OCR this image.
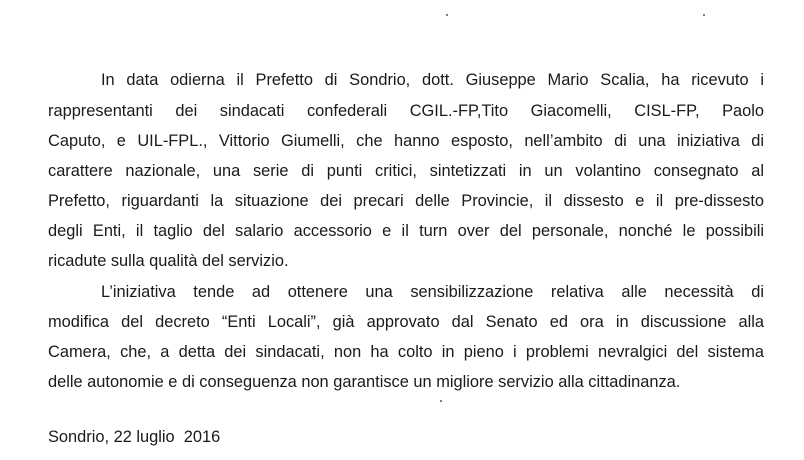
In data odierna il Prefetto di Sondrio, dott. Giuseppe Mario Scalia, ha ricevuto i
rappresentanti dei sindacati confederali CGIL.-FP,Tito Giacomelli, CISL-FP, Paolo
Caputo, e UIL-FPL., Vittorio Giumelli, che hanno esposto, nell’ambito di una iniziativa di
carattere nazionale, una serie di punti critici, sintetizzati in un volantino consegnato al
Prefetto, riguardanti la situazione dei precari delle Provincie, il dissesto e il pre-dissesto
degli Enti, il taglio del salario accessorio e il turn over del personale, nonché le possibili
ricadute sulla qualità del servizio.
L’iniziativa tende ad ottenere una sensibilizzazione relativa alle necessità di
modifica del decreto “Enti Locali”, già approvato dal Senato ed ora in discussione alla
Camera, che, a detta dei sindacati, non ha colto in pieno i problemi nevralgici del sistema
delle autonomie e di conseguenza non garantisce un migliore servizio alla cittadinanza.
Sondrio, 22 luglio  2016
